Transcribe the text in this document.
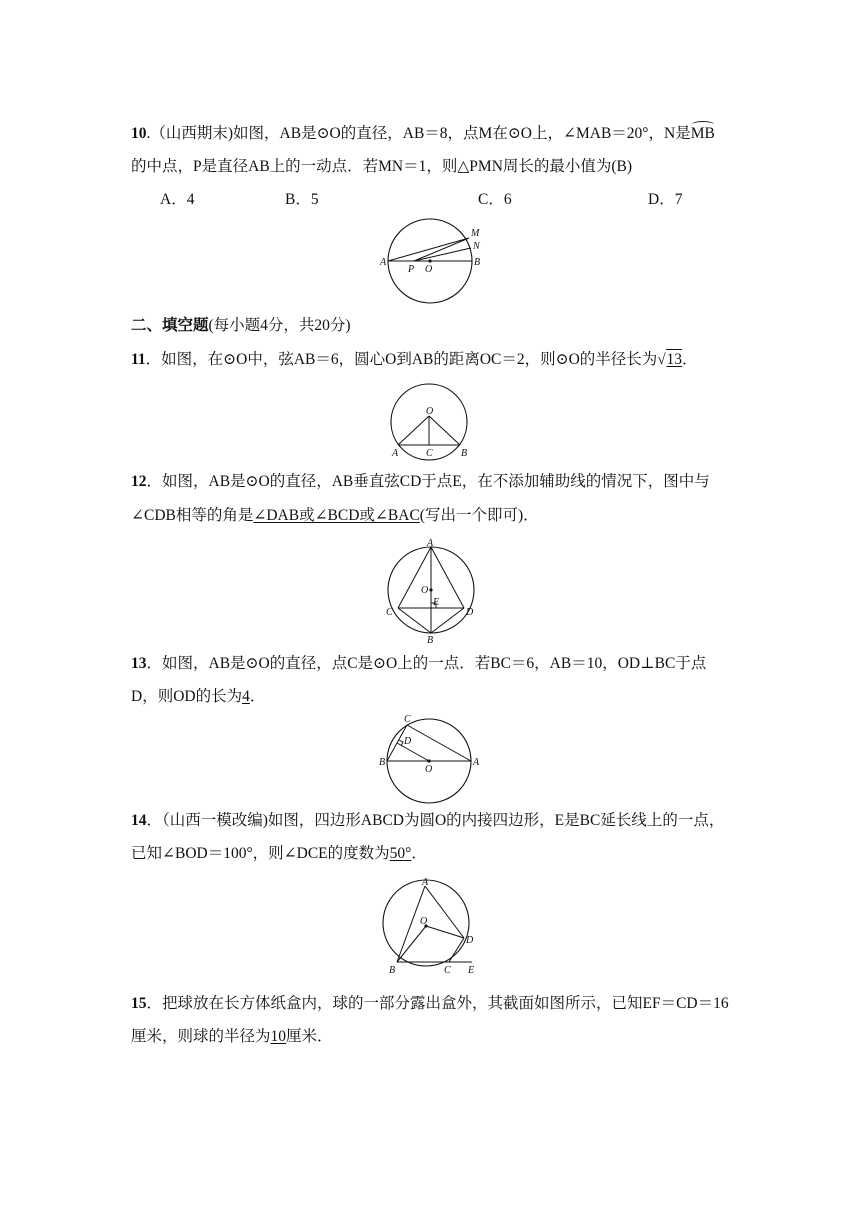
10.（山西期末)如图，AB是⊙O的直径，AB＝8，点M在⊙O上，∠MAB＝20°，N是MB
的中点，P是直径AB上的一动点．若MN＝1，则△PMN周长的最小值为(B)
A．4	B．5	C．6	D．7
A	B
M
N
P O
二、填空题(每小题4分，共20分)
11．如图，在⊙O中，弦AB＝6，圆心O到AB的距离OC＝2，则⊙O的半径长为√13．
O
A	C	B
12．如图，AB是⊙O的直径，AB垂直弦CD于点E，在不添加辅助线的情况下，图中与
∠CDB相等的角是∠DAB或∠BCD或∠BAC(写出一个即可)．
A
O
E
C	D
B
13．如图，AB是⊙O的直径，点C是⊙O上的一点．若BC＝6，AB＝10，OD⊥BC于点
D，则OD的长为4．
C
D
B
O
A
14．（山西一模改编)如图，四边形ABCD为圆O的内接四边形，E是BC延长线上的一点，
已知∠BOD＝100°，则∠DCE的度数为50°．
A
O
D
B	C E
15．把球放在长方体纸盒内，球的一部分露出盒外，其截面如图所示，已知EF＝CD＝16
厘米，则球的半径为10厘米．
